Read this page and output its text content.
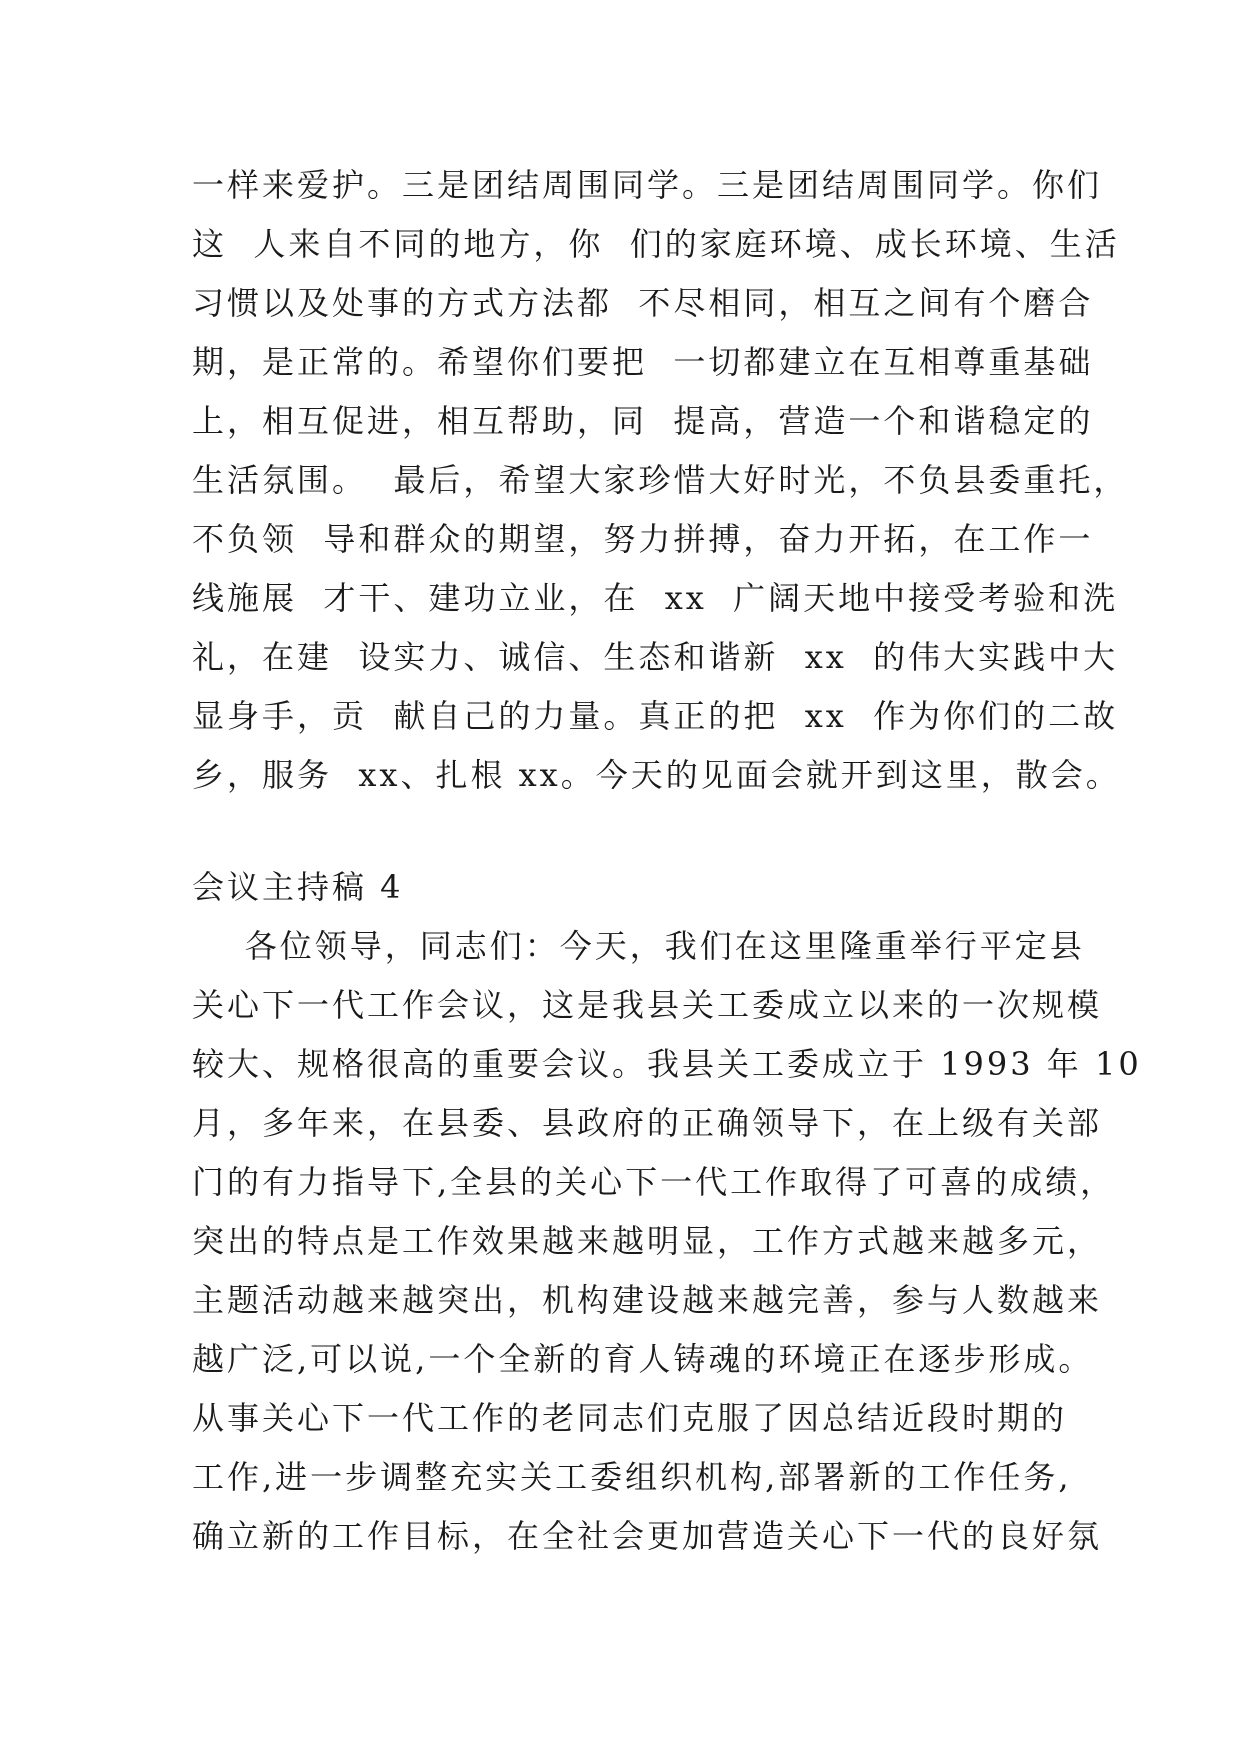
一样来爱护。三是团结周围同学。三是团结周围同学。你们
这  人来自不同的地方，你  们的家庭环境、成长环境、生活
习惯以及处事的方式方法都  不尽相同，相互之间有个磨合
期，是正常的。希望你们要把  一切都建立在互相尊重基础
上，相互促进，相互帮助，同  提高，营造一个和谐稳定的
生活氛围。  最后，希望大家珍惜大好时光，不负县委重托，
不负领  导和群众的期望，努力拼搏，奋力开拓，在工作一
线施展  才干、建功立业，在  xx  广阔天地中接受考验和洗
礼，在建  设实力、诚信、生态和谐新  xx  的伟大实践中大
显身手，贡  献自己的力量。真正的把  xx  作为你们的二故
乡，服务  xx、扎根 xx。今天的见面会就开到这里，散会。
会议主持稿 4
各位领导，同志们：今天，我们在这里隆重举行平定县
关心下一代工作会议，这是我县关工委成立以来的一次规模
较大、规格很高的重要会议。我县关工委成立于 1993 年 10
月，多年来，在县委、县政府的正确领导下，在上级有关部
门的有力指导下,全县的关心下一代工作取得了可喜的成绩，
突出的特点是工作效果越来越明显，工作方式越来越多元，
主题活动越来越突出，机构建设越来越完善，参与人数越来
越广泛,可以说,一个全新的育人铸魂的环境正在逐步形成。
从事关心下一代工作的老同志们克服了因总结近段时期的
工作,进一步调整充实关工委组织机构,部署新的工作任务,
确立新的工作目标，在全社会更加营造关心下一代的良好氛
